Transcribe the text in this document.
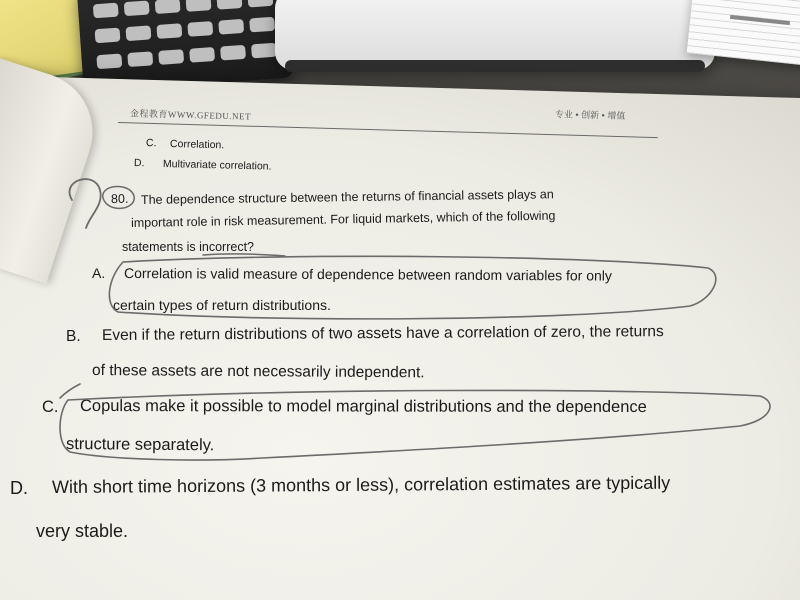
金程教育WWW.GFEDU.NET	专业 • 创新 • 增值
C. Correlation.
D. Multivariate correlation.
80. The dependence structure between the returns of financial assets plays an
important role in risk measurement. For liquid markets, which of the following
statements is incorrect?
A. Correlation is valid measure of dependence between random variables for only
certain types of return distributions.
B. Even if the return distributions of two assets have a correlation of zero, the returns
of these assets are not necessarily independent.
C. Copulas make it possible to model marginal distributions and the dependence
structure separately.
D. With short time horizons (3 months or less), correlation estimates are typically
very stable.
